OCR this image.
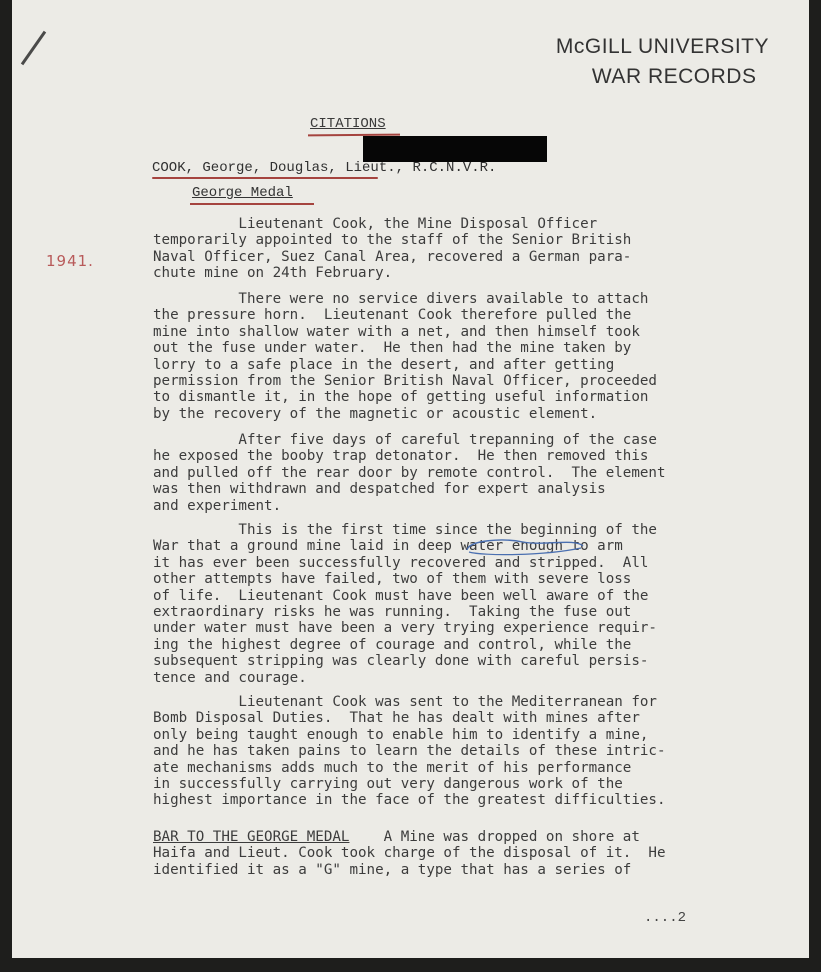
McGILL UNIVERSITY
WAR RECORDS
CITATIONS
COOK, George, Douglas, Lieut., R.C.N.V.R.
George Medal
1941.
Lieutenant Cook, the Mine Disposal Officer
temporarily appointed to the staff of the Senior British
Naval Officer, Suez Canal Area, recovered a German para-
chute mine on 24th February.
There were no service divers available to attach
the pressure horn.  Lieutenant Cook therefore pulled the
mine into shallow water with a net, and then himself took
out the fuse under water.  He then had the mine taken by
lorry to a safe place in the desert, and after getting
permission from the Senior British Naval Officer, proceeded
to dismantle it, in the hope of getting useful information
by the recovery of the magnetic or acoustic element.
After five days of careful trepanning of the case
he exposed the booby trap detonator.  He then removed this
and pulled off the rear door by remote control.  The element
was then withdrawn and despatched for expert analysis
and experiment.
This is the first time since the beginning of the
War that a ground mine laid in deep water enough to arm
it has ever been successfully recovered and stripped.  All
other attempts have failed, two of them with severe loss
of life.  Lieutenant Cook must have been well aware of the
extraordinary risks he was running.  Taking the fuse out
under water must have been a very trying experience requir-
ing the highest degree of courage and control, while the
subsequent stripping was clearly done with careful persis-
tence and courage.
Lieutenant Cook was sent to the Mediterranean for
Bomb Disposal Duties.  That he has dealt with mines after
only being taught enough to enable him to identify a mine,
and he has taken pains to learn the details of these intric-
ate mechanisms adds much to the merit of his performance
in successfully carrying out very dangerous work of the
highest importance in the face of the greatest difficulties.
BAR TO THE GEORGE MEDAL    A Mine was dropped on shore at
Haifa and Lieut. Cook took charge of the disposal of it.  He
identified it as a "G" mine, a type that has a series of
....2
